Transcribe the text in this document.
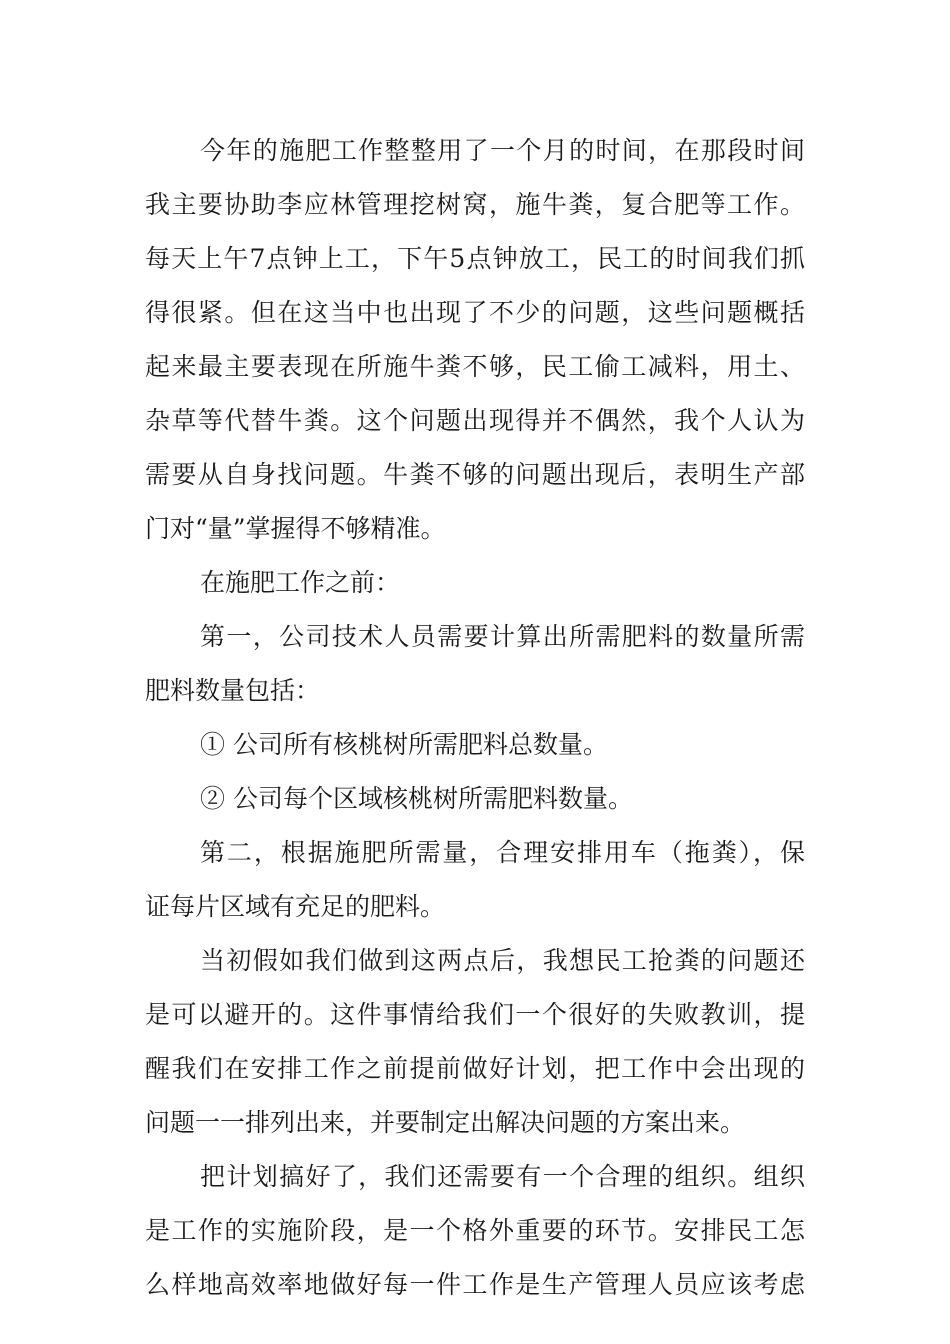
今年的施肥工作整整用了一个月的时间，在那段时间
我主要协助李应林管理挖树窝，施牛粪，复合肥等工作。
每天上午7点钟上工，下午5点钟放工，民工的时间我们抓
得很紧。但在这当中也出现了不少的问题，这些问题概括
起来最主要表现在所施牛粪不够，民工偷工减料，用土、
杂草等代替牛粪。这个问题出现得并不偶然，我个人认为
需要从自身找问题。牛粪不够的问题出现后，表明生产部
门对“量”掌握得不够精准。
在施肥工作之前：
第一，公司技术人员需要计算出所需肥料的数量所需
肥料数量包括：
① 公司所有核桃树所需肥料总数量。
② 公司每个区域核桃树所需肥料数量。
第二，根据施肥所需量，合理安排用车（拖粪），保
证每片区域有充足的肥料。
当初假如我们做到这两点后，我想民工抢粪的问题还
是可以避开的。这件事情给我们一个很好的失败教训，提
醒我们在安排工作之前提前做好计划，把工作中会出现的
问题一一排列出来，并要制定出解决问题的方案出来。
把计划搞好了，我们还需要有一个合理的组织。组织
是工作的实施阶段，是一个格外重要的环节。安排民工怎
么样地高效率地做好每一件工作是生产管理人员应该考虑
